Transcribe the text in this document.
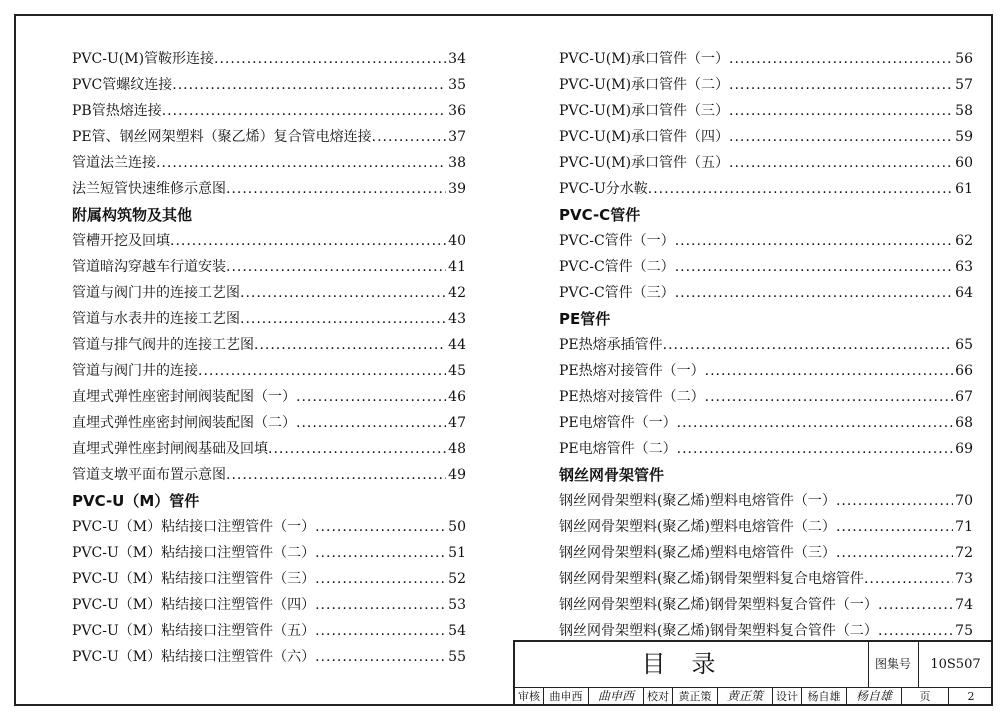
PVC-U(M)管鞍形连接 .....	34
PVC管螺纹连接 .....	35
PB管热熔连接 .....	36
PE管、钢丝网架塑料（聚乙烯）复合管电熔连接 .....	37
管道法兰连接 .....	38
法兰短管快速维修示意图 .....	39
附属构筑物及其他
管槽开挖及回填 .....	40
管道暗沟穿越车行道安装 .....	41
管道与阀门井的连接工艺图 .....	42
管道与水表井的连接工艺图 .....	43
管道与排气阀井的连接工艺图 .....	44
管道与阀门井的连接 .....	45
直埋式弹性座密封闸阀装配图（一） .....	46
直埋式弹性座密封闸阀装配图（二） .....	47
直埋式弹性座封闸阀基础及回填 .....	48
管道支墩平面布置示意图 .....	49
PVC-U（M）管件
PVC-U（M）粘结接口注塑管件（一） .....	50
PVC-U（M）粘结接口注塑管件（二） .....	51
PVC-U（M）粘结接口注塑管件（三） .....	52
PVC-U（M）粘结接口注塑管件（四） .....	53
PVC-U（M）粘结接口注塑管件（五） .....	54
PVC-U（M）粘结接口注塑管件（六） .....	55
PVC-U(M)承口管件（一） .....	56
PVC-U(M)承口管件（二） .....	57
PVC-U(M)承口管件（三） .....	58
PVC-U(M)承口管件（四） .....	59
PVC-U(M)承口管件（五） .....	60
PVC-U分水鞍 .....	61
PVC-C管件
PVC-C管件（一） .....	62
PVC-C管件（二） .....	63
PVC-C管件（三） .....	64
PE管件
PE热熔承插管件 .....	65
PE热熔对接管件（一） .....	66
PE热熔对接管件（二） .....	67
PE电熔管件（一） .....	68
PE电熔管件（二） .....	69
钢丝网骨架管件
钢丝网骨架塑料(聚乙烯)塑料电熔管件（一） .....	70
钢丝网骨架塑料(聚乙烯)塑料电熔管件（二） .....	71
钢丝网骨架塑料(聚乙烯)塑料电熔管件（三） .....	72
钢丝网骨架塑料(聚乙烯)钢骨架塑料复合电熔管件 .....	73
钢丝网骨架塑料(聚乙烯)钢骨架塑料复合管件（一） .....	74
钢丝网骨架塑料(聚乙烯)钢骨架塑料复合管件（二） .....	75
目录	图集号	10S507
审核 曲申西	曲申西	校对 黄正策	黄正策	设计 杨自雄	杨自雄	页	2
